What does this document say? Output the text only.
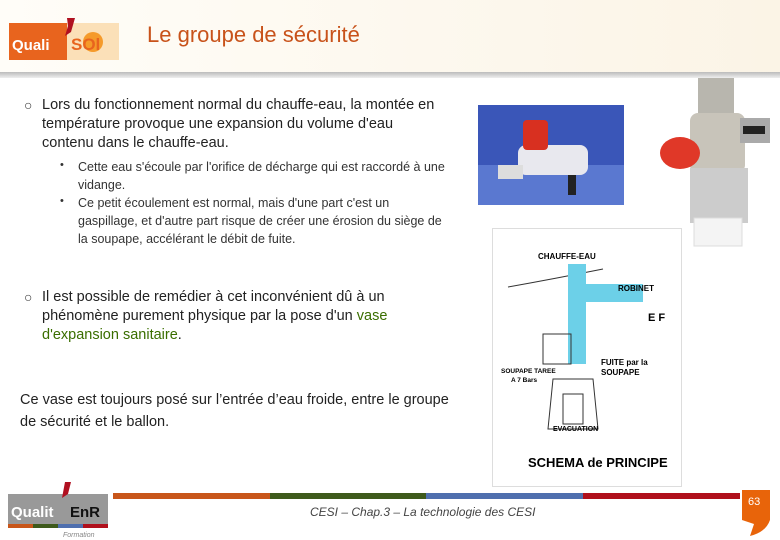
Quali SOl Le groupe de sécurité
○ Lors du fonctionnement normal du chauffe-eau, la montée en température provoque une expansion du volume d'eau contenu dans le chauffe-eau.
• Cette eau s'écoule par l'orifice de décharge qui est raccordé à une vidange.
• Ce petit écoulement est normal, mais d'une part c'est un gaspillage, et d'autre part risque de créer une érosion du siège de la soupape, accélérant le débit de fuite.
○ Il est possible de remédier à cet inconvénient dû à un phénomène purement physique par la pose d'un vase d'expansion sanitaire.
Ce vase est toujours posé sur l’entrée d’eau froide, entre le groupe de sécurité et le ballon.
CHAUFFE-EAU
ROBINET
E F
SOUPAPE TAREE
A 7 Bars
FUITE par la
SOUPAPE
EVACUATION
SCHEMA de PRINCIPE
Qualit EnR
Formation
CESI – Chap.3 – La technologie des CESI
63
